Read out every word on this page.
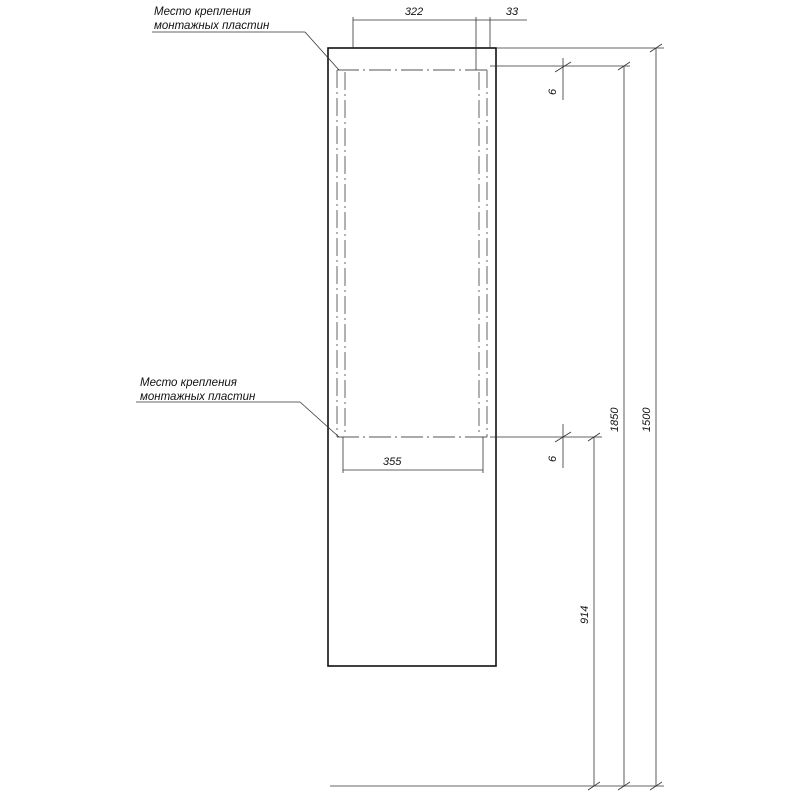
322	33
355
6
6
914
1850 1500
Место крепления
монтажных пластин
Место крепления
монтажных пластин
